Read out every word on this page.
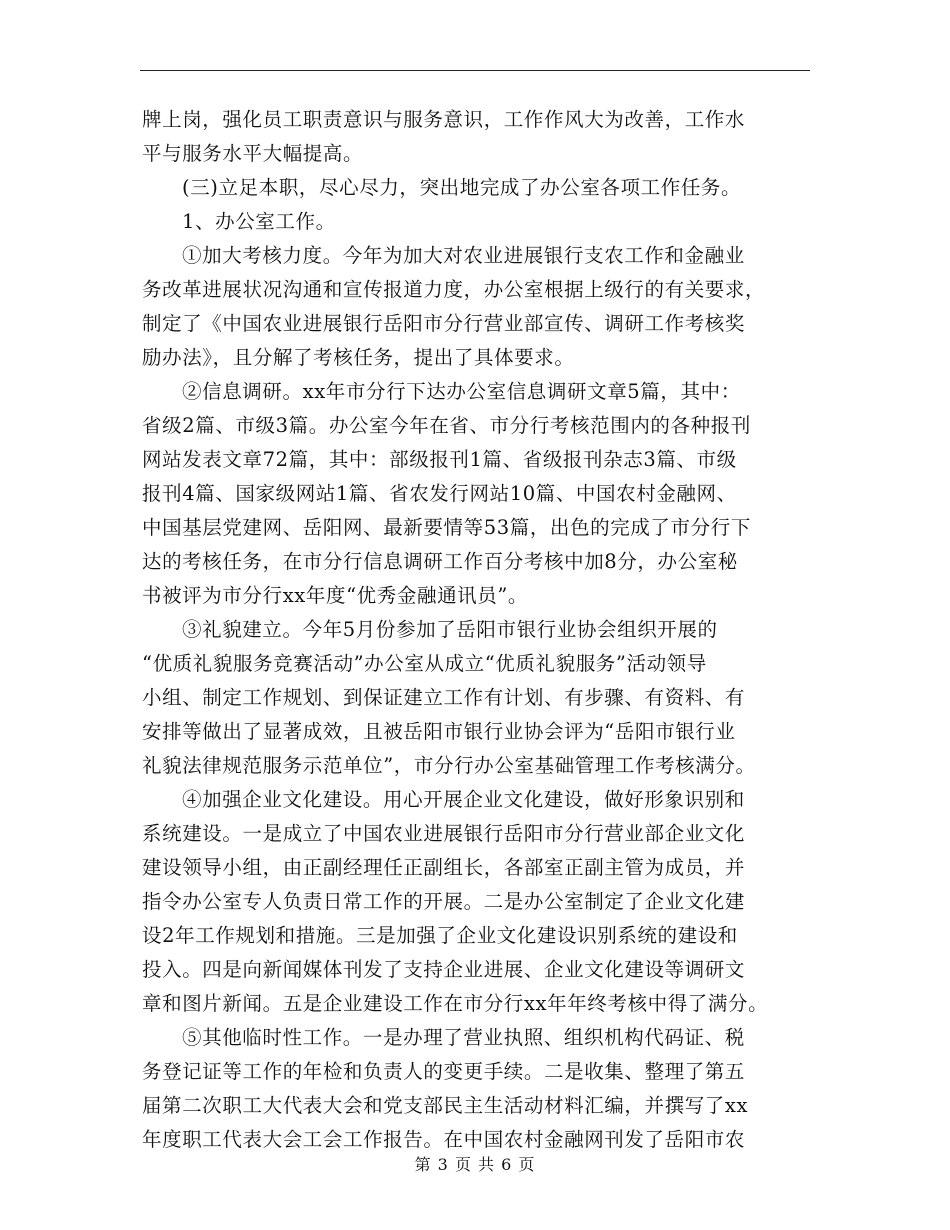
牌上岗，强化员工职责意识与服务意识，工作作风大为改善，工作水
平与服务水平大幅提高。
(三)立足本职，尽心尽力，突出地完成了办公室各项工作任务。
1、办公室工作。
①加大考核力度。今年为加大对农业进展银行支农工作和金融业
务改革进展状况沟通和宣传报道力度，办公室根据上级行的有关要求，
制定了《中国农业进展银行岳阳市分行营业部宣传、调研工作考核奖
励办法》，且分解了考核任务，提出了具体要求。
②信息调研。xx年市分行下达办公室信息调研文章5篇，其中：
省级2篇、市级3篇。办公室今年在省、市分行考核范围内的各种报刊
网站发表文章72篇，其中：部级报刊1篇、省级报刊杂志3篇、市级
报刊4篇、国家级网站1篇、省农发行网站10篇、中国农村金融网、
中国基层党建网、岳阳网、最新要情等53篇，出色的完成了市分行下
达的考核任务，在市分行信息调研工作百分考核中加8分，办公室秘
书被评为市分行xx年度“优秀金融通讯员”。
③礼貌建立。今年5月份参加了岳阳市银行业协会组织开展的
“优质礼貌服务竞赛活动”办公室从成立“优质礼貌服务”活动领导
小组、制定工作规划、到保证建立工作有计划、有步骤、有资料、有
安排等做出了显著成效，且被岳阳市银行业协会评为“岳阳市银行业
礼貌法律规范服务示范单位”，市分行办公室基础管理工作考核满分。
④加强企业文化建设。用心开展企业文化建设，做好形象识别和
系统建设。一是成立了中国农业进展银行岳阳市分行营业部企业文化
建设领导小组，由正副经理任正副组长，各部室正副主管为成员，并
指令办公室专人负责日常工作的开展。二是办公室制定了企业文化建
设2年工作规划和措施。三是加强了企业文化建设识别系统的建设和
投入。四是向新闻媒体刊发了支持企业进展、企业文化建设等调研文
章和图片新闻。五是企业建设工作在市分行xx年年终考核中得了满分。
⑤其他临时性工作。一是办理了营业执照、组织机构代码证、税
务登记证等工作的年检和负责人的变更手续。二是收集、整理了第五
届第二次职工大代表大会和党支部民主生活动材料汇编，并撰写了xx
年度职工代表大会工会工作报告。在中国农村金融网刊发了岳阳市农
第 3 页 共 6 页
